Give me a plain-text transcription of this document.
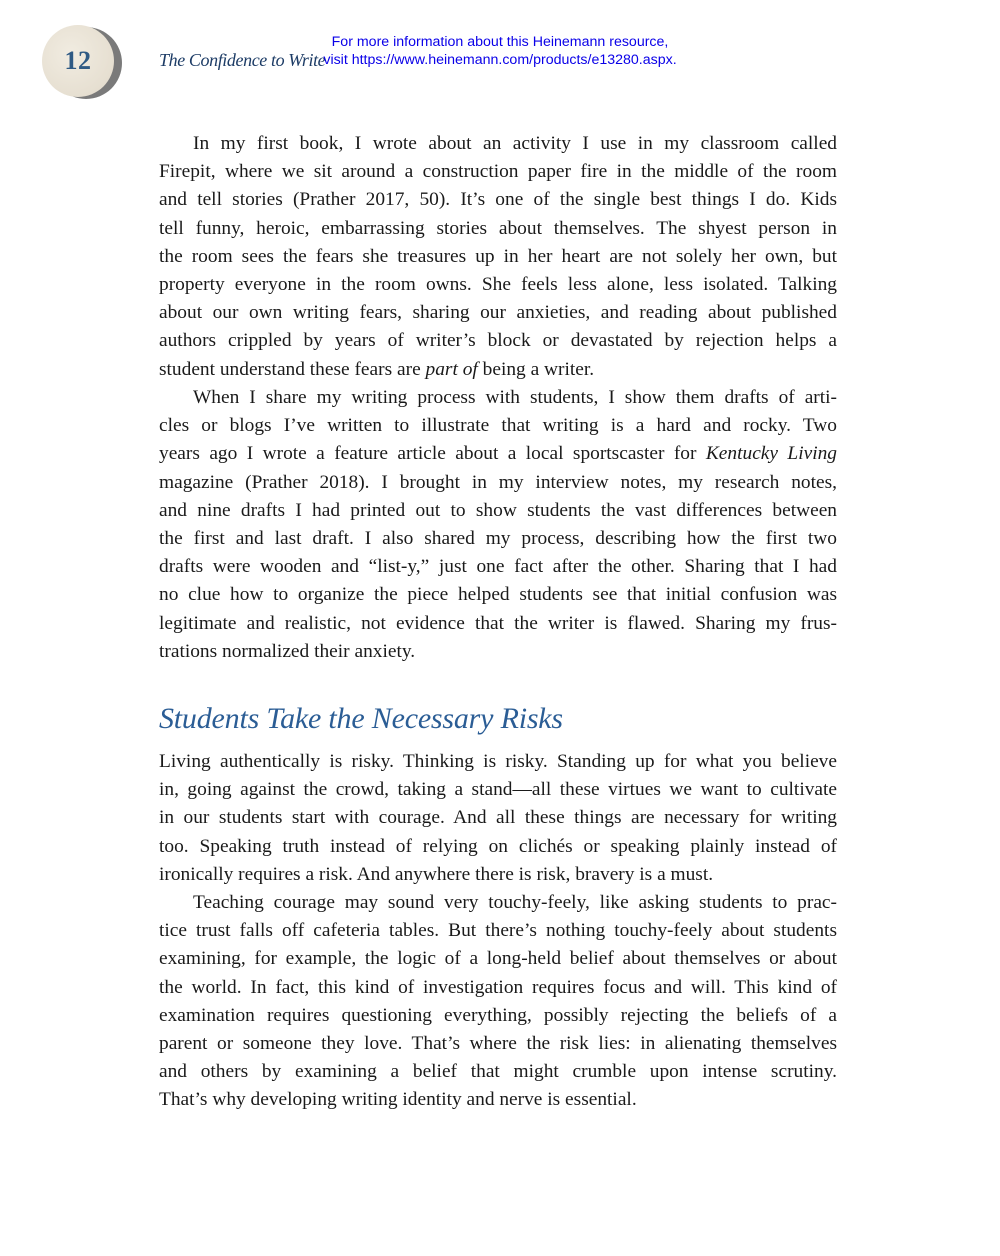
12	The Confidence to Write
For more information about this Heinemann resource,
visit https://www.heinemann.com/products/e13280.aspx.
In my first book, I wrote about an activity I use in my classroom called
Firepit, where we sit around a construction paper fire in the middle of the room
and tell stories (Prather 2017, 50). It’s one of the single best things I do. Kids
tell funny, heroic, embarrassing stories about themselves. The shyest person in
the room sees the fears she treasures up in her heart are not solely her own, but
property everyone in the room owns. She feels less alone, less isolated. Talking
about our own writing fears, sharing our anxieties, and reading about published
authors crippled by years of writer’s block or devastated by rejection helps a
student understand these fears are part of being a writer.
When I share my writing process with students, I show them drafts of arti-
cles or blogs I’ve written to illustrate that writing is a hard and rocky. Two
years ago I wrote a feature article about a local sportscaster for Kentucky Living
magazine (Prather 2018). I brought in my interview notes, my research notes,
and nine drafts I had printed out to show students the vast differences between
the first and last draft. I also shared my process, describing how the first two
drafts were wooden and “list-y,” just one fact after the other. Sharing that I had
no clue how to organize the piece helped students see that initial confusion was
legitimate and realistic, not evidence that the writer is flawed. Sharing my frus-
trations normalized their anxiety.
Students Take the Necessary Risks
Living authentically is risky. Thinking is risky. Standing up for what you believe
in, going against the crowd, taking a stand—all these virtues we want to cultivate
in our students start with courage. And all these things are necessary for writing
too. Speaking truth instead of relying on clichés or speaking plainly instead of
ironically requires a risk. And anywhere there is risk, bravery is a must.
Teaching courage may sound very touchy-feely, like asking students to prac-
tice trust falls off cafeteria tables. But there’s nothing touchy-feely about students
examining, for example, the logic of a long-held belief about themselves or about
the world. In fact, this kind of investigation requires focus and will. This kind of
examination requires questioning everything, possibly rejecting the beliefs of a
parent or someone they love. That’s where the risk lies: in alienating themselves
and others by examining a belief that might crumble upon intense scrutiny.
That’s why developing writing identity and nerve is essential.
